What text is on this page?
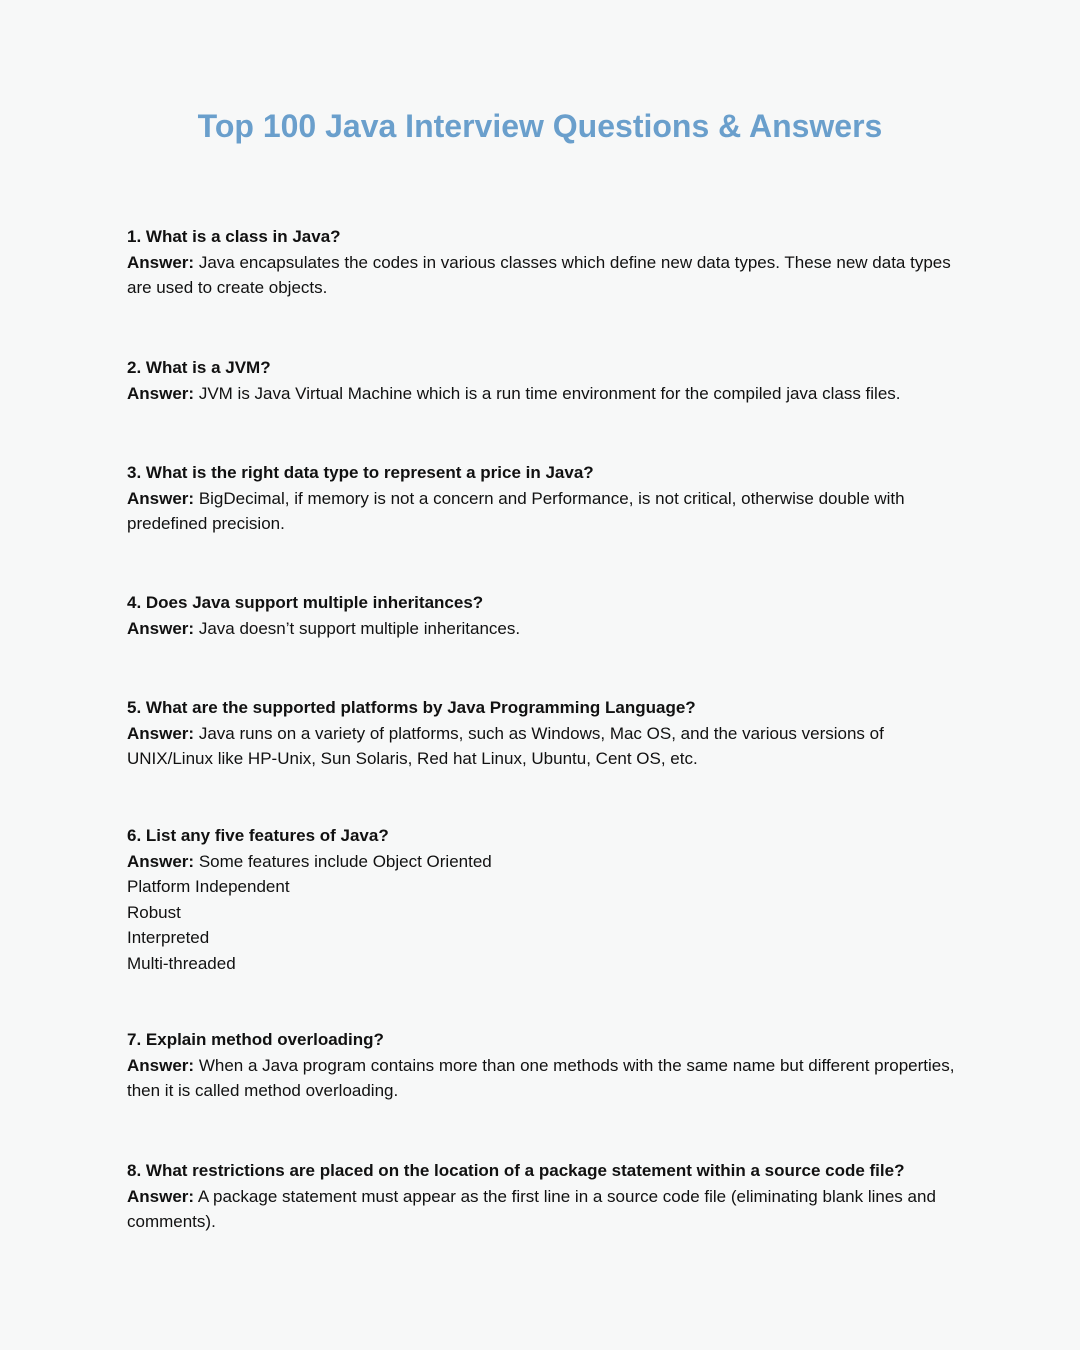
Top 100 Java Interview Questions & Answers

1. What is a class in Java?

Answer: Java encapsulates the codes in various classes which define new data types. These new data types are used to create objects.

2. What is a JVM?

Answer: JVM is Java Virtual Machine which is a run time environment for the compiled java class files.

3. What is the right data type to represent a price in Java?

Answer: BigDecimal, if memory is not a concern and Performance, is not critical, otherwise double with predefined precision.

4. Does Java support multiple inheritances?

Answer: Java doesn’t support multiple inheritances.

5. What are the supported platforms by Java Programming Language?

Answer: Java runs on a variety of platforms, such as Windows, Mac OS, and the various versions of UNIX/Linux like HP-Unix, Sun Solaris, Red hat Linux, Ubuntu, Cent OS, etc.

6. List any five features of Java?

Answer: Some features include Object Oriented

Platform Independent

Robust

Interpreted

Multi-threaded

7. Explain method overloading?

Answer: When a Java program contains more than one methods with the same name but different properties, then it is called method overloading.

8. What restrictions are placed on the location of a package statement within a source code file?

Answer: A package statement must appear as the first line in a source code file (eliminating blank lines and comments).
